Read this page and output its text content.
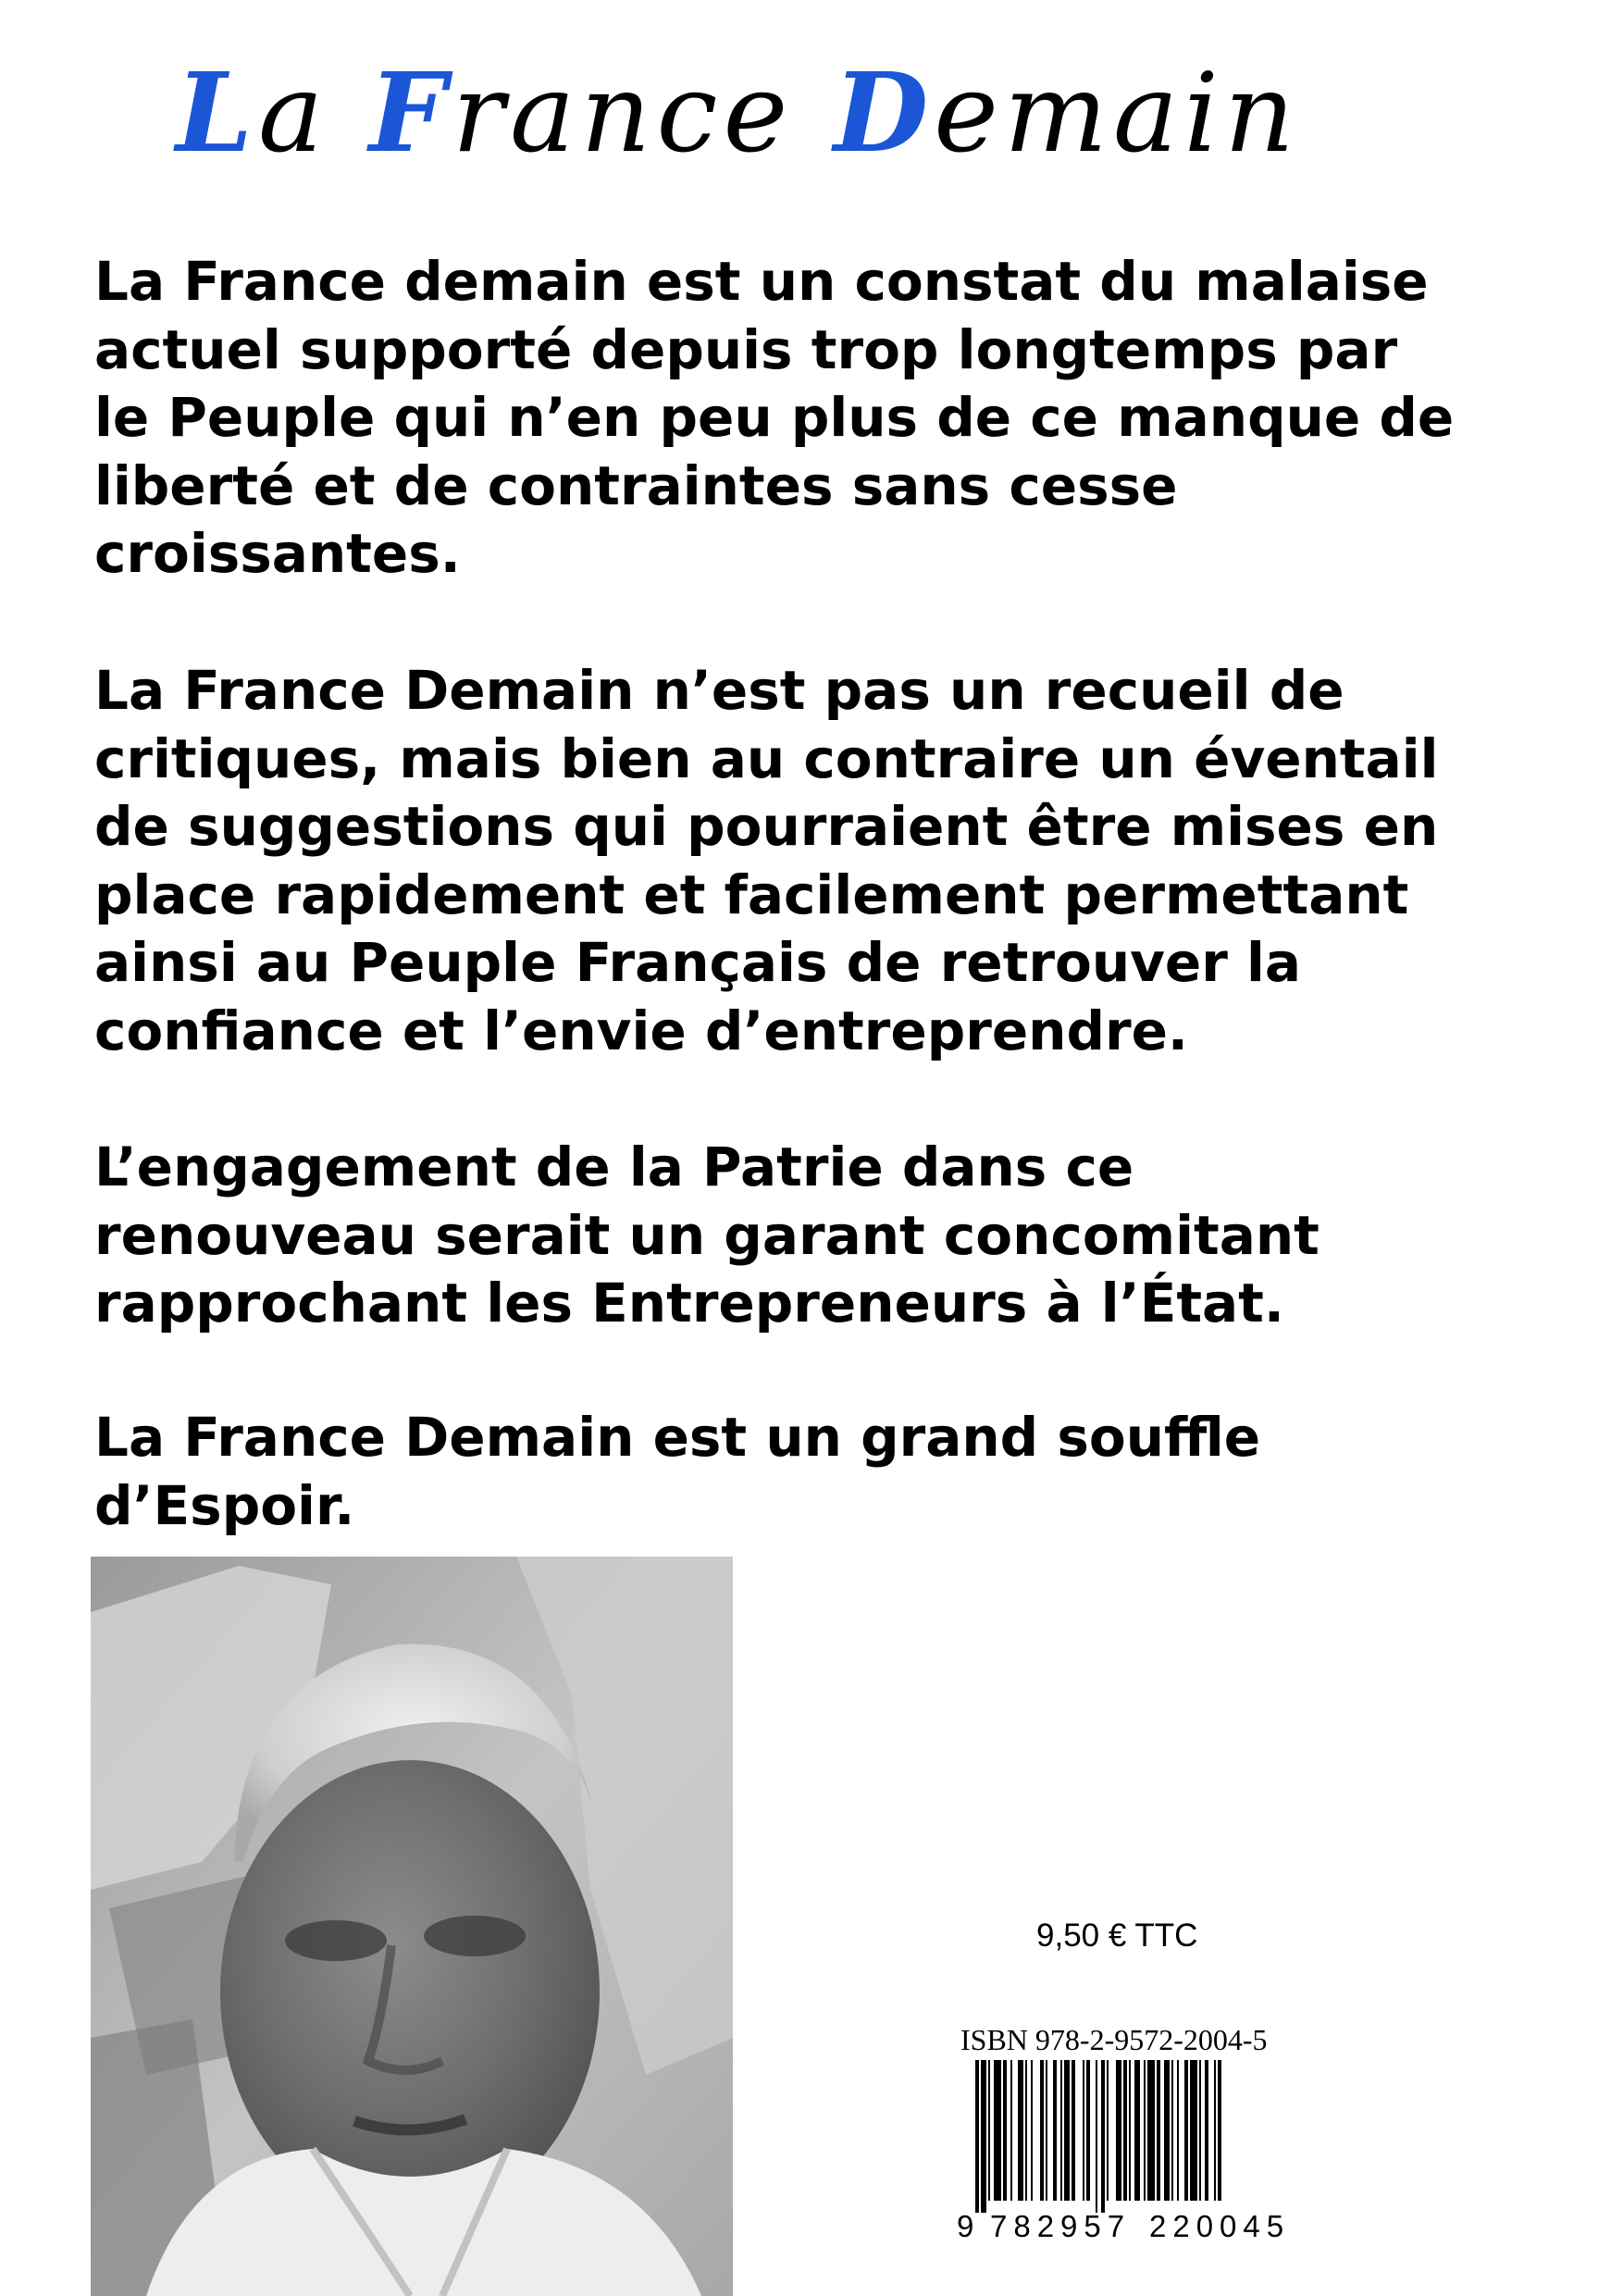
La France Demain

La France demain est un constat du malaise
actuel supporté depuis trop longtemps par
le Peuple qui n’en peu plus de ce manque de
liberté et de contraintes sans cesse
croissantes.

La France Demain n’est pas un recueil de
critiques, mais bien au contraire un éventail
de suggestions qui pourraient être mises en
place rapidement et facilement permettant
ainsi au Peuple Français de retrouver la
confiance et l’envie d’entreprendre.

L’engagement de la Patrie dans ce
renouveau serait un garant concomitant
rapprochant les Entrepreneurs à l’État.

La France Demain est un grand souffle
d’Espoir.

9,50 € TTC
ISBN 978-2-9572-2004-5
9 782957 220045
